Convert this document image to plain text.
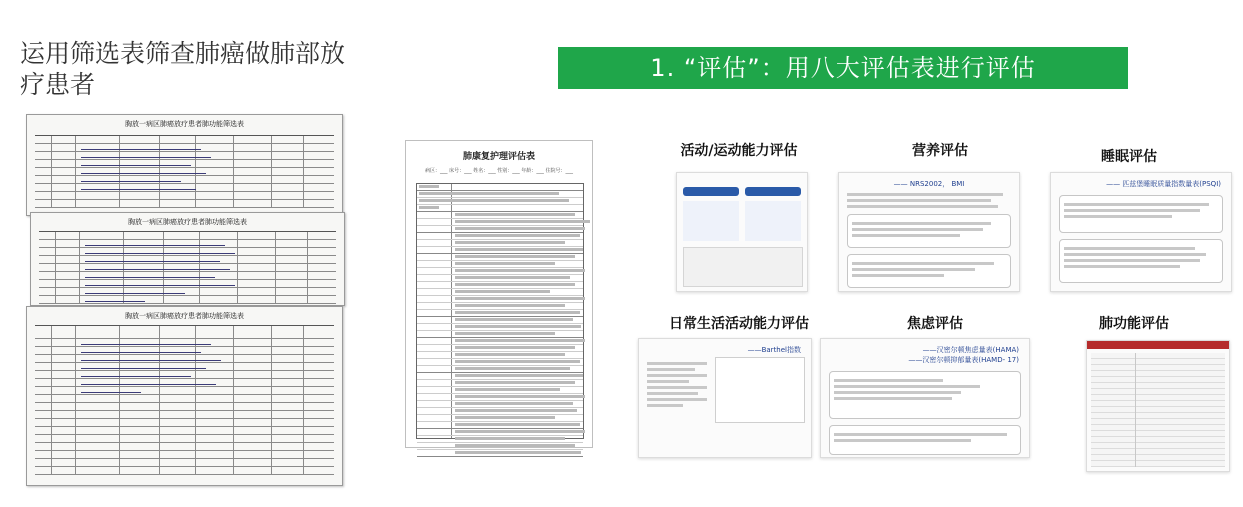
运用筛选表筛查肺癌做肺部放疗患者
1. “评估”：用八大评估表进行评估
胸放一病区肺癌放疗患者肺功能筛选表
胸放一病区肺癌放疗患者肺功能筛选表
胸放一病区肺癌放疗患者肺功能筛选表
肺康复护理评估表
病区：___ 床号：___ 姓名：___ 性别：___ 年龄：___ 住院号：___
活动/运动能力评估	营养评估
—— NRS2002， BMI
睡眠评估
—— 匹兹堡睡眠质量指数量表(PSQI)
日常生活活动能力评估
——Barthel指数
焦虑评估
——汉密尔顿焦虑量表(HAMA)
——汉密尔顿抑郁量表(HAMD- 17)
肺功能评估
